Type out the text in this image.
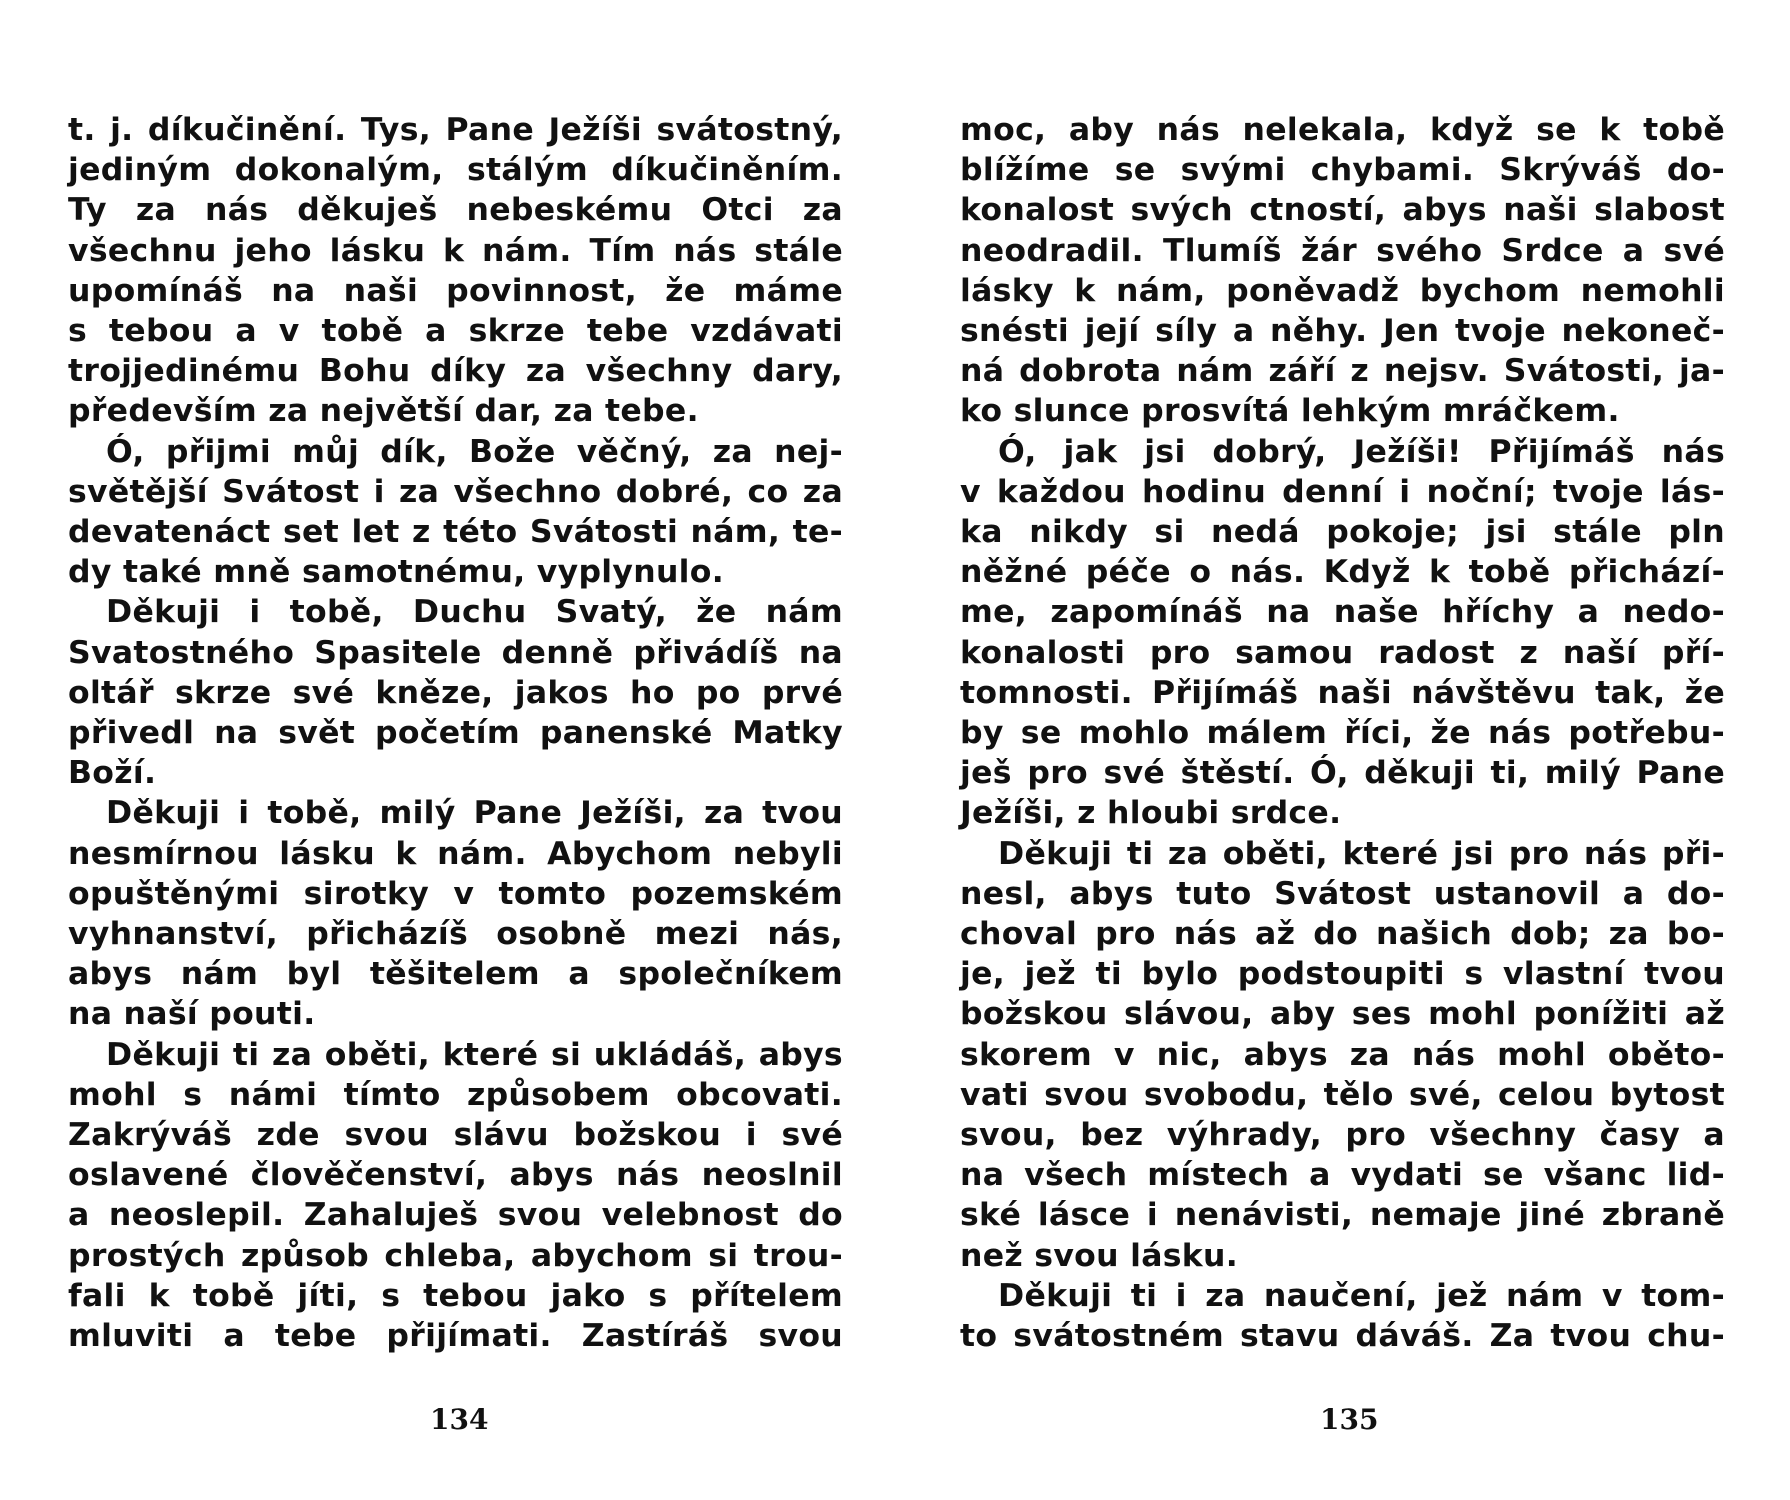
t. j. díkučinění. Tys, Pane Ježíši svátostný,
jediným dokonalým, stálým díkučiněním.
Ty za nás děkuješ nebeskému Otci za
všechnu jeho lásku k nám. Tím nás stále
upomínáš na naši povinnost, že máme
s tebou a v tobě a skrze tebe vzdávati
trojjedinému Bohu díky za všechny dary,
především za největší dar, za tebe.
Ó, přijmi můj dík, Bože věčný, za nej-
světější Svátost i za všechno dobré, co za
devatenáct set let z této Svátosti nám, te-
dy také mně samotnému, vyplynulo.
Děkuji i tobě, Duchu Svatý, že nám
Svatostného Spasitele denně přivádíš na
oltář skrze své kněze, jakos ho po prvé
přivedl na svět početím panenské Matky
Boží.
Děkuji i tobě, milý Pane Ježíši, za tvou
nesmírnou lásku k nám. Abychom nebyli
opuštěnými sirotky v tomto pozemském
vyhnanství, přicházíš osobně mezi nás,
abys nám byl těšitelem a společníkem
na naší pouti.
Děkuji ti za oběti, které si ukládáš, abys
mohl s námi tímto způsobem obcovati.
Zakrýváš zde svou slávu božskou i své
oslavené člověčenství, abys nás neoslnil
a neoslepil. Zahaluješ svou velebnost do
prostých způsob chleba, abychom si trou-
fali k tobě jíti, s tebou jako s přítelem
mluviti a tebe přijímati. Zastíráš svou
134
moc, aby nás nelekala, když se k tobě
blížíme se svými chybami. Skrýváš do-
konalost svých ctností, abys naši slabost
neodradil. Tlumíš žár svého Srdce a své
lásky k nám, poněvadž bychom nemohli
snésti její síly a něhy. Jen tvoje nekoneč-
ná dobrota nám září z nejsv. Svátosti, ja-
ko slunce prosvítá lehkým mráčkem.
Ó, jak jsi dobrý, Ježíši! Přijímáš nás
v každou hodinu denní i noční; tvoje lás-
ka nikdy si nedá pokoje; jsi stále pln
něžné péče o nás. Když k tobě přichází-
me, zapomínáš na naše hříchy a nedo-
konalosti pro samou radost z naší pří-
tomnosti. Přijímáš naši návštěvu tak, že
by se mohlo málem říci, že nás potřebu-
ješ pro své štěstí. Ó, děkuji ti, milý Pane
Ježíši, z hloubi srdce.
Děkuji ti za oběti, které jsi pro nás při-
nesl, abys tuto Svátost ustanovil a do-
choval pro nás až do našich dob; za bo-
je, jež ti bylo podstoupiti s vlastní tvou
božskou slávou, aby ses mohl ponížiti až
skorem v nic, abys za nás mohl oběto-
vati svou svobodu, tělo své, celou bytost
svou, bez výhrady, pro všechny časy a
na všech místech a vydati se všanc lid-
ské lásce i nenávisti, nemaje jiné zbraně
než svou lásku.
Děkuji ti i za naučení, jež nám v tom-
to svátostném stavu dáváš. Za tvou chu-
135
